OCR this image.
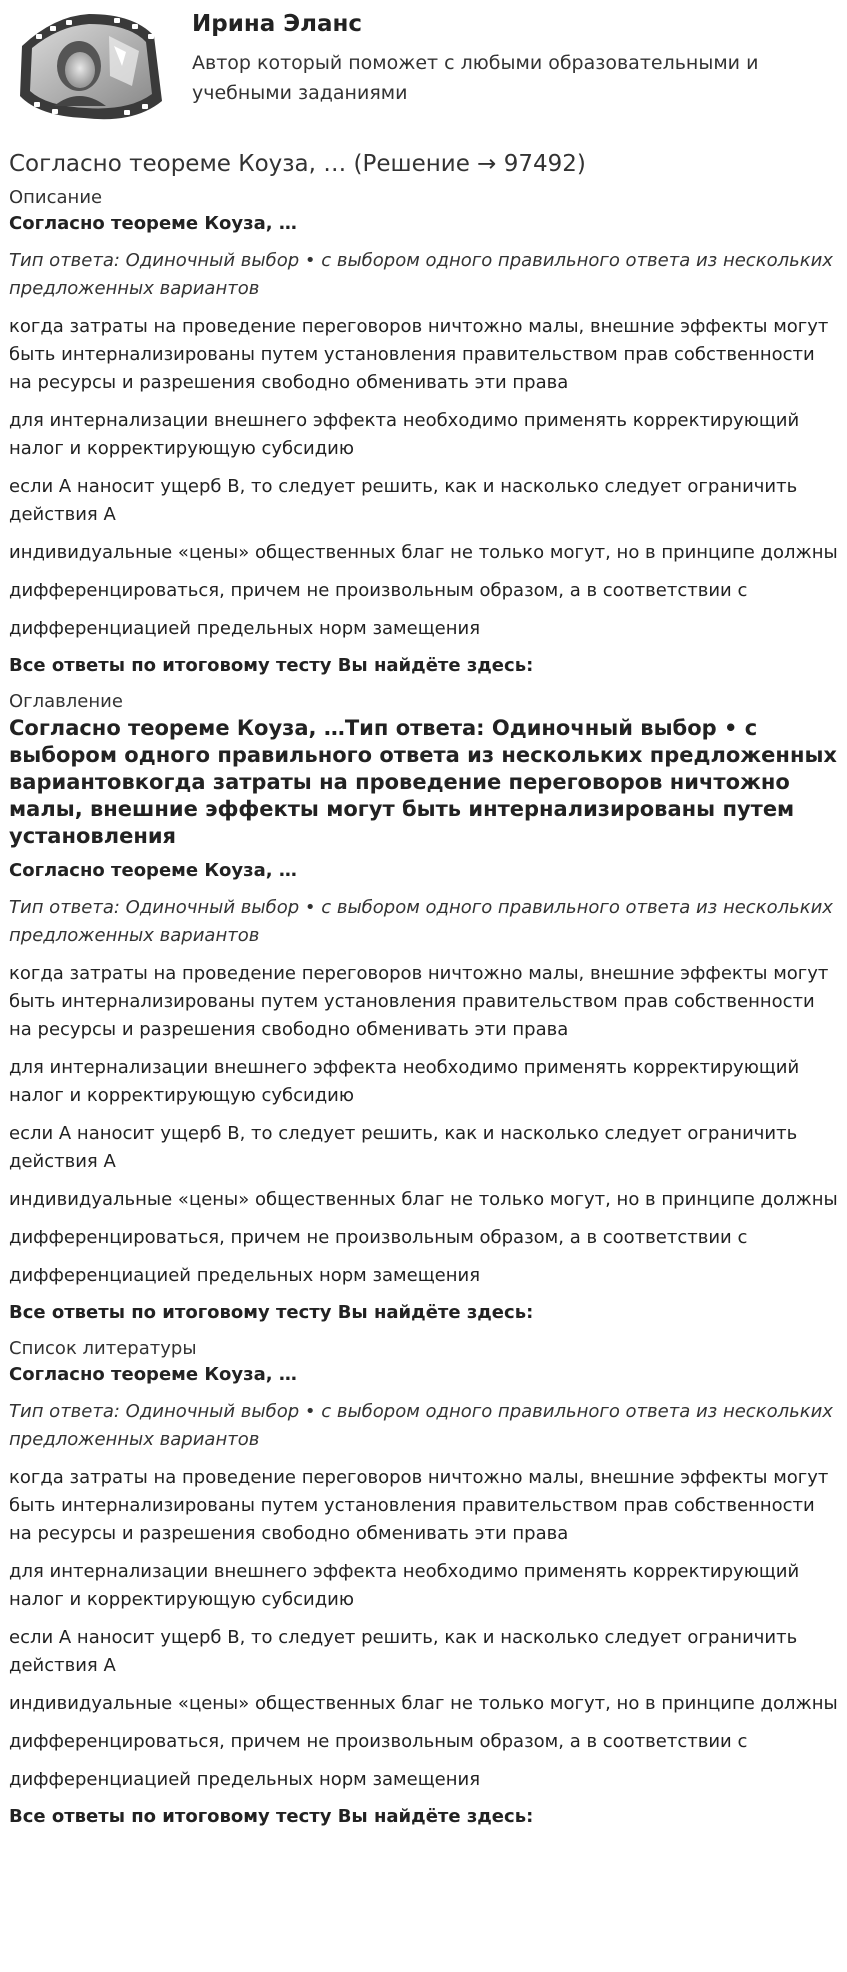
Ирина Эланс
Автор который поможет с любыми образовательными и учебными заданиями
Согласно теореме Коуза, … (Решение → 97492)

Описание

Согласно теореме Коуза, …

Тип ответа: Одиночный выбор • с выбором одного правильного ответа из нескольких предложенных вариантов

когда затраты на проведение переговоров ничтожно малы, внешние эффекты могут быть интернализированы путем установления правительством прав собственности на ресурсы и разрешения свободно обменивать эти права

для интернализации внешнего эффекта необходимо применять корректирующий налог и корректирующую субсидию

если А наносит ущерб В, то следует решить, как и насколько следует ограничить действия А

индивидуальные «цены» общественных благ не только могут, но в принципе должны

дифференцироваться, причем не произвольным образом, а в соответствии с

дифференциацией предельных норм замещения

Все ответы по итоговому тесту Вы найдёте здесь:

Оглавление

Согласно теореме Коуза, …Тип ответа: Одиночный выбор • с выбором одного правильного ответа из нескольких предложенных вариантовкогда затраты на проведение переговоров ничтожно малы, внешние эффекты могут быть интернализированы путем установления

Согласно теореме Коуза, …

Тип ответа: Одиночный выбор • с выбором одного правильного ответа из нескольких предложенных вариантов

когда затраты на проведение переговоров ничтожно малы, внешние эффекты могут быть интернализированы путем установления правительством прав собственности на ресурсы и разрешения свободно обменивать эти права

для интернализации внешнего эффекта необходимо применять корректирующий налог и корректирующую субсидию

если А наносит ущерб В, то следует решить, как и насколько следует ограничить действия А

индивидуальные «цены» общественных благ не только могут, но в принципе должны

дифференцироваться, причем не произвольным образом, а в соответствии с

дифференциацией предельных норм замещения

Все ответы по итоговому тесту Вы найдёте здесь:

Список литературы

Согласно теореме Коуза, …

Тип ответа: Одиночный выбор • с выбором одного правильного ответа из нескольких предложенных вариантов

когда затраты на проведение переговоров ничтожно малы, внешние эффекты могут быть интернализированы путем установления правительством прав собственности на ресурсы и разрешения свободно обменивать эти права

для интернализации внешнего эффекта необходимо применять корректирующий налог и корректирующую субсидию

если А наносит ущерб В, то следует решить, как и насколько следует ограничить действия А

индивидуальные «цены» общественных благ не только могут, но в принципе должны

дифференцироваться, причем не произвольным образом, а в соответствии с

дифференциацией предельных норм замещения

Все ответы по итоговому тесту Вы найдёте здесь:
